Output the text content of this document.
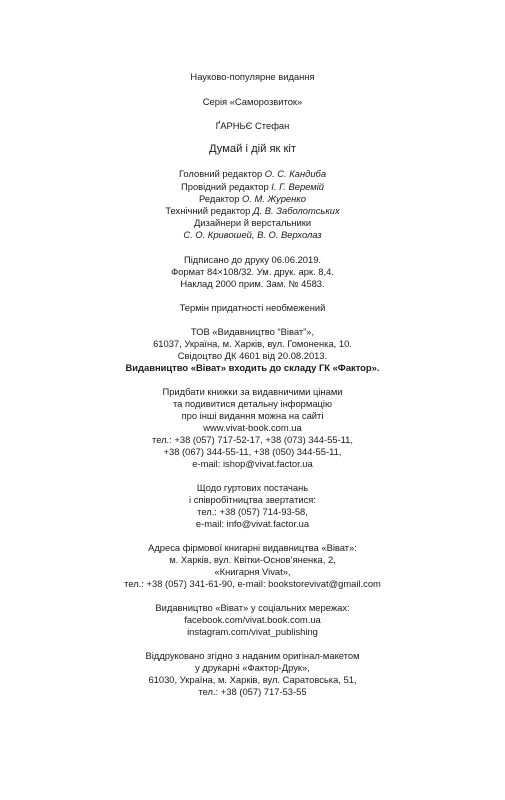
Науково-популярне видання
Серія «Саморозвиток»
ҐАРНЬЄ Стефан
Думай і дій як кіт
Головний редактор О. С. Кандиба
Провідний редактор І. Г. Веремій
Редактор О. М. Журенко
Технічний редактор Д. В. Заболотських
Дизайнери й верстальники
С. О. Кривошей, В. О. Верхолаз
Підписано до друку 06.06.2019.
Формат 84×108/32. Ум. друк. арк. 8,4.
Наклад 2000 прим. Зам. № 4583.
Термін придатності необмежений
ТОВ «Видавництво “Віват”»,
61037, Україна, м. Харків, вул. Гомоненка, 10.
Свідоцтво ДК 4601 від 20.08.2013.
Видавництво «Віват» входить до складу ГК «Фактор».
Придбати книжки за видавничими цінами
та подивитися детальну інформацію
про інші видання можна на сайті
www.vivat-book.com.ua
тел.: +38 (057) 717-52-17, +38 (073) 344-55-11,
+38 (067) 344-55-11, +38 (050) 344-55-11,
e-mail: ishop@vivat.factor.ua
Щодо гуртових постачань
і співробітництва звертатися:
тел.: +38 (057) 714-93-58,
e-mail: info@vivat.factor.ua
Адреса фірмової книгарні видавництва «Віват»:
м. Харків, вул. Квітки-Основ’яненка, 2,
«Книгарня Vivat»,
тел.: +38 (057) 341-61-90, e-mail: bookstorevivat@gmail.com
Видавництво «Віват» у соціальних мережах:
facebook.com/vivat.book.com.ua
instagram.com/vivat_publishing
Віддруковано згідно з наданим оригінал-макетом
у друкарні «Фактор-Друк»,
61030, Україна, м. Харків, вул. Саратовська, 51,
тел.: +38 (057) 717-53-55
